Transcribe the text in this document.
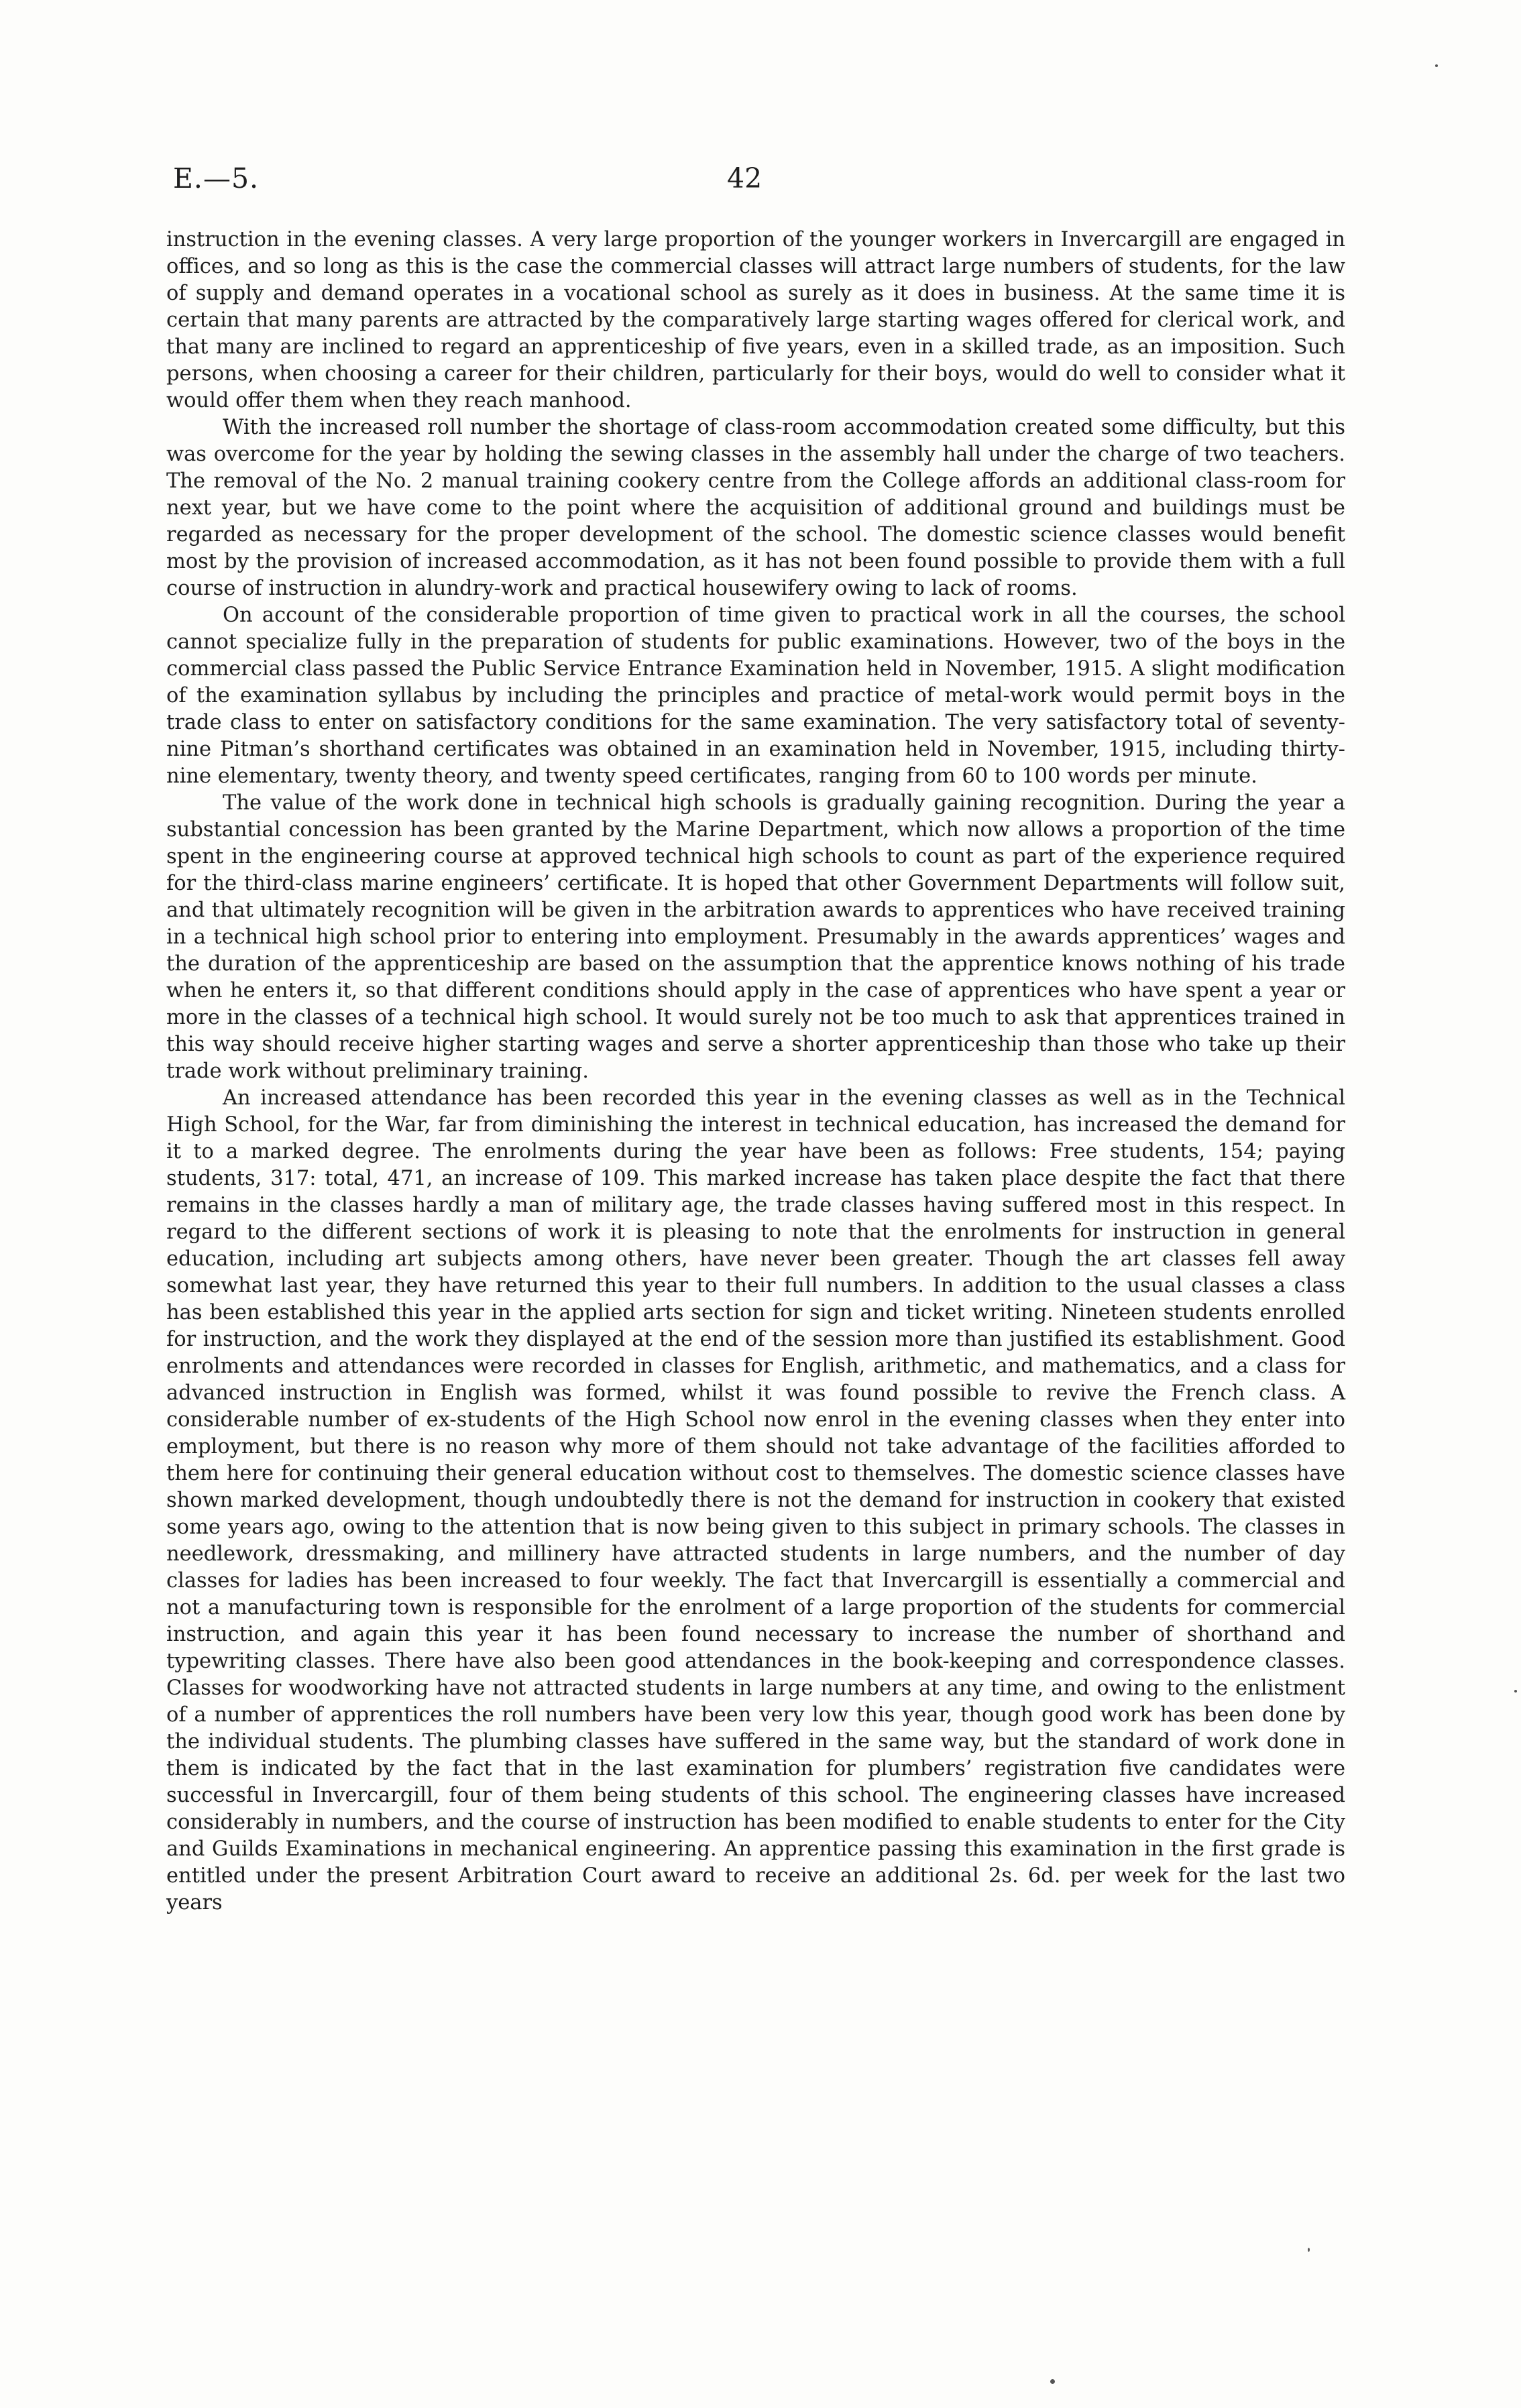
E.—5.	42

instruction in the evening classes. A very large proportion of the younger workers in Invercargill are engaged in offices, and so long as this is the case the commercial classes will attract large numbers of students, for the law of supply and demand operates in a vocational school as surely as it does in business. At the same time it is certain that many parents are attracted by the comparatively large starting wages offered for clerical work, and that many are inclined to regard an apprenticeship of five years, even in a skilled trade, as an imposition. Such persons, when choosing a career for their children, particularly for their boys, would do well to consider what it would offer them when they reach manhood.

With the increased roll number the shortage of class-room accommodation created some difficulty, but this was overcome for the year by holding the sewing classes in the assembly hall under the charge of two teachers. The removal of the No. 2 manual training cookery centre from the College affords an additional class-room for next year, but we have come to the point where the acquisition of additional ground and buildings must be regarded as necessary for the proper development of the school. The domestic science classes would benefit most by the provision of increased accommodation, as it has not been found possible to provide them with a full course of instruction in alundry-work and practical housewifery owing to lack of rooms.

On account of the considerable proportion of time given to practical work in all the courses, the school cannot specialize fully in the preparation of students for public examinations. However, two of the boys in the commercial class passed the Public Service Entrance Examination held in November, 1915. A slight modification of the examination syllabus by including the principles and practice of metal-work would permit boys in the trade class to enter on satisfactory conditions for the same examination. The very satisfactory total of seventy-nine Pitman’s shorthand certificates was obtained in an examination held in November, 1915, including thirty-nine elementary, twenty theory, and twenty speed certificates, ranging from 60 to 100 words per minute.

The value of the work done in technical high schools is gradually gaining recognition. During the year a substantial concession has been granted by the Marine Department, which now allows a proportion of the time spent in the engineering course at approved technical high schools to count as part of the experience required for the third-class marine engineers’ certificate. It is hoped that other Government Departments will follow suit, and that ultimately recognition will be given in the arbitration awards to apprentices who have received training in a technical high school prior to entering into employment. Presumably in the awards apprentices’ wages and the duration of the apprenticeship are based on the assumption that the apprentice knows nothing of his trade when he enters it, so that different conditions should apply in the case of apprentices who have spent a year or more in the classes of a technical high school. It would surely not be too much to ask that apprentices trained in this way should receive higher starting wages and serve a shorter apprenticeship than those who take up their trade work without preliminary training.

An increased attendance has been recorded this year in the evening classes as well as in the Technical High School, for the War, far from diminishing the interest in technical education, has increased the demand for it to a marked degree. The enrolments during the year have been as follows: Free students, 154; paying students, 317: total, 471, an increase of 109. This marked increase has taken place despite the fact that there remains in the classes hardly a man of military age, the trade classes having suffered most in this respect. In regard to the different sections of work it is pleasing to note that the enrolments for instruction in general education, including art subjects among others, have never been greater. Though the art classes fell away somewhat last year, they have returned this year to their full numbers. In addition to the usual classes a class has been established this year in the applied arts section for sign and ticket writing. Nineteen students enrolled for instruction, and the work they displayed at the end of the session more than justified its establishment. Good enrolments and attendances were recorded in classes for English, arithmetic, and mathematics, and a class for advanced instruction in English was formed, whilst it was found possible to revive the French class. A considerable number of ex-students of the High School now enrol in the evening classes when they enter into employment, but there is no reason why more of them should not take advantage of the facilities afforded to them here for continuing their general education without cost to themselves. The domestic science classes have shown marked development, though undoubtedly there is not the demand for instruction in cookery that existed some years ago, owing to the attention that is now being given to this subject in primary schools. The classes in needlework, dressmaking, and millinery have attracted students in large numbers, and the number of day classes for ladies has been increased to four weekly. The fact that Invercargill is essentially a commercial and not a manufacturing town is responsible for the enrolment of a large proportion of the students for commercial instruction, and again this year it has been found necessary to increase the number of shorthand and typewriting classes. There have also been good attendances in the book-keeping and correspondence classes. Classes for woodworking have not attracted students in large numbers at any time, and owing to the enlistment of a number of apprentices the roll numbers have been very low this year, though good work has been done by the individual students. The plumbing classes have suffered in the same way, but the standard of work done in them is indicated by the fact that in the last examination for plumbers’ registration five candidates were successful in Invercargill, four of them being students of this school. The engineering classes have increased considerably in numbers, and the course of instruction has been modified to enable students to enter for the City and Guilds Examinations in mechanical engineering. An apprentice passing this examination in the first grade is entitled under the present Arbitration Court award to receive an additional 2s. 6d. per week for the last two years
